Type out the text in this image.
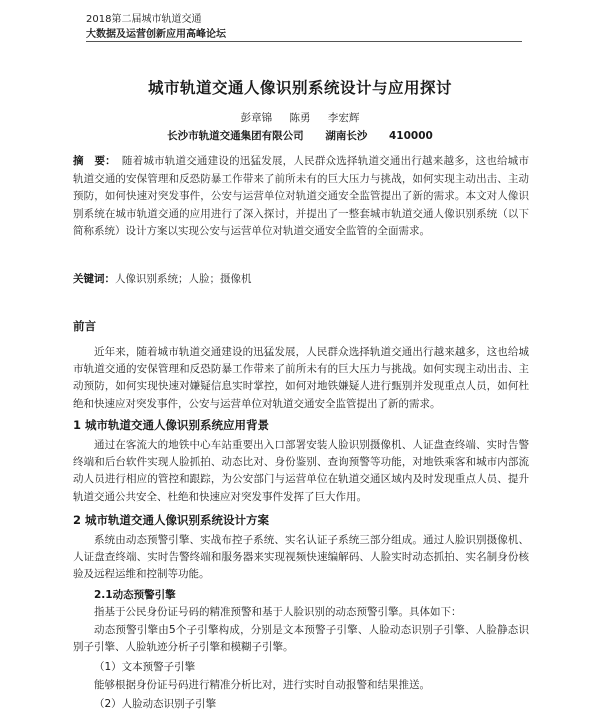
2018第二届城市轨道交通
大数据及运营创新应用高峰论坛
城市轨道交通人像识别系统设计与应用探讨
彭章锦 陈勇 李宏辉
长沙市轨道交通集团有限公司 湖南长沙 410000
摘　要： 随着城市轨道交通建设的迅猛发展，人民群众选择轨道交通出行越来越多，这也给城市轨道交通的安保管理和反恐防暴工作带来了前所未有的巨大压力与挑战，如何实现主动出击、主动预防，如何快速对突发事件，公安与运营单位对轨道交通安全监管提出了新的需求。本文对人像识别系统在城市轨道交通的应用进行了深入探讨，并提出了一整套城市轨道交通人像识别系统（以下简称系统）设计方案以实现公安与运营单位对轨道交通安全监管的全面需求。
关键词：人像识别系统；人脸；摄像机
前言

近年来，随着城市轨道交通建设的迅猛发展，人民群众选择轨道交通出行越来越多，这也给城市轨道交通的安保管理和反恐防暴工作带来了前所未有的巨大压力与挑战。如何实现主动出击、主动预防，如何实现快速对嫌疑信息实时掌控，如何对地铁嫌疑人进行甄别并发现重点人员，如何杜绝和快速应对突发事件，公安与运营单位对轨道交通安全监管提出了新的需求。

1 城市轨道交通人像识别系统应用背景

通过在客流大的地铁中心车站重要出入口部署安装人脸识别摄像机、人证盘查终端、实时告警终端和后台软件实现人脸抓拍、动态比对、身份鉴别、查询预警等功能，对地铁乘客和城市内部流动人员进行相应的管控和跟踪，为公安部门与运营单位在轨道交通区域内及时发现重点人员、提升轨道交通公共安全、杜绝和快速应对突发事件发挥了巨大作用。

2 城市轨道交通人像识别系统设计方案

系统由动态预警引擎、实战布控子系统、实名认证子系统三部分组成。通过人脸识别摄像机、人证盘查终端、实时告警终端和服务器来实现视频快速编解码、人脸实时动态抓拍、实名制身份核验及远程运维和控制等功能。

2.1动态预警引擎

指基于公民身份证号码的精准预警和基于人脸识别的动态预警引擎。具体如下：

动态预警引擎由5个子引擎构成，分别是文本预警子引擎、人脸动态识别子引擎、人脸静态识别子引擎、人脸轨迹分析子引擎和模糊子引擎。

（1）文本预警子引擎

能够根据身份证号码进行精准分析比对，进行实时自动报警和结果推送。

（2）人脸动态识别子引擎
